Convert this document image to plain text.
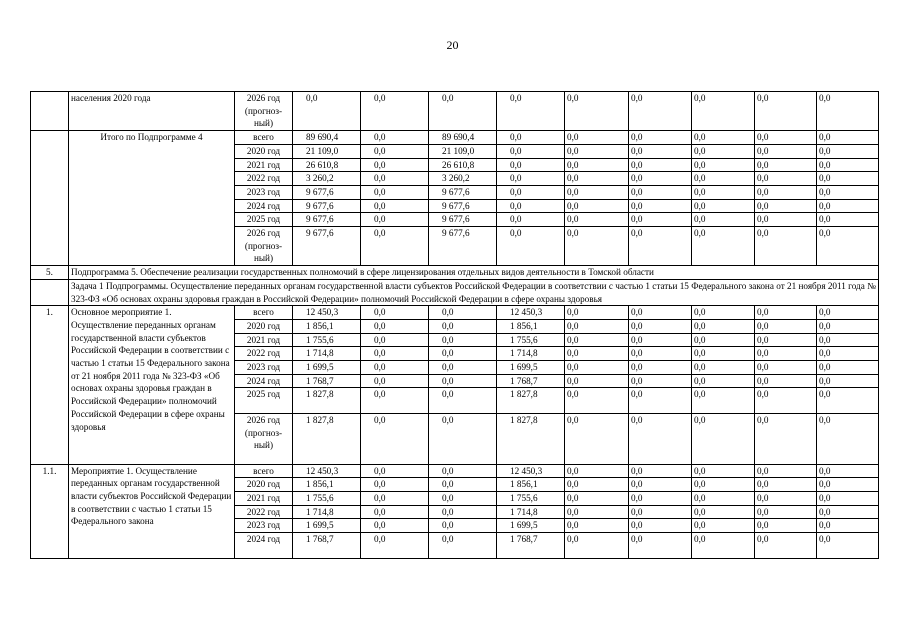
20
	населения 2020 года	2026 год (прогноз-ный)	0,0	0,0	0,0	0,0	0,0	0,0	0,0	0,0	0,0
	Итого по Подпрограмме 4	всего	89 690,4	0,0	89 690,4	0,0	0,0	0,0	0,0	0,0	0,0
		2020 год	21 109,0	0,0	21 109,0	0,0	0,0	0,0	0,0	0,0	0,0
		2021 год	26 610,8	0,0	26 610,8	0,0	0,0	0,0	0,0	0,0	0,0
		2022 год	3 260,2	0,0	3 260,2	0,0	0,0	0,0	0,0	0,0	0,0
		2023 год	9 677,6	0,0	9 677,6	0,0	0,0	0,0	0,0	0,0	0,0
		2024 год	9 677,6	0,0	9 677,6	0,0	0,0	0,0	0,0	0,0	0,0
		2025 год	9 677,6	0,0	9 677,6	0,0	0,0	0,0	0,0	0,0	0,0
		2026 год (прогноз-ный)	9 677,6	0,0	9 677,6	0,0	0,0	0,0	0,0	0,0	0,0
5.	Подпрограмма 5. Обеспечение реализации государственных полномочий в сфере лицензирования отдельных видов деятельности в Томской области										
	Задача 1 Подпрограммы. Осуществление переданных органам государственной власти субъектов Российской Федерации в соответствии с частью 1 статьи 15 Федерального закона от 21 ноября 2011 года № 323-ФЗ «Об основах охраны здоровья граждан в Российской Федерации» полномочий Российской Федерации в сфере охраны здоровья										
1.	Основное мероприятие 1. Осуществление переданных органам государственной власти субъектов Российской Федерации в соответствии с частью 1 статьи 15 Федерального закона от 21 ноября 2011 года № 323-ФЗ «Об основах охраны здоровья граждан в Российской Федерации» полномочий Российской Федерации в сфере охраны здоровья	всего	12 450,3	0,0	0,0	12 450,3	0,0	0,0	0,0	0,0	0,0
		2020 год	1 856,1	0,0	0,0	1 856,1	0,0	0,0	0,0	0,0	0,0
		2021 год	1 755,6	0,0	0,0	1 755,6	0,0	0,0	0,0	0,0	0,0
		2022 год	1 714,8	0,0	0,0	1 714,8	0,0	0,0	0,0	0,0	0,0
		2023 год	1 699,5	0,0	0,0	1 699,5	0,0	0,0	0,0	0,0	0,0
		2024 год	1 768,7	0,0	0,0	1 768,7	0,0	0,0	0,0	0,0	0,0
		2025 год	1 827,8	0,0	0,0	1 827,8	0,0	0,0	0,0	0,0	0,0
		2026 год (прогноз-ный)	1 827,8	0,0	0,0	1 827,8	0,0	0,0	0,0	0,0	0,0
1.1.	Мероприятие 1. Осуществление переданных органам государственной власти субъектов Российской Федерации в соответствии с частью 1 статьи 15 Федерального закона	всего	12 450,3	0,0	0,0	12 450,3	0,0	0,0	0,0	0,0	0,0
		2020 год	1 856,1	0,0	0,0	1 856,1	0,0	0,0	0,0	0,0	0,0
		2021 год	1 755,6	0,0	0,0	1 755,6	0,0	0,0	0,0	0,0	0,0
		2022 год	1 714,8	0,0	0,0	1 714,8	0,0	0,0	0,0	0,0	0,0
		2023 год	1 699,5	0,0	0,0	1 699,5	0,0	0,0	0,0	0,0	0,0
		2024 год	1 768,7	0,0	0,0	1 768,7	0,0	0,0	0,0	0,0	0,0
